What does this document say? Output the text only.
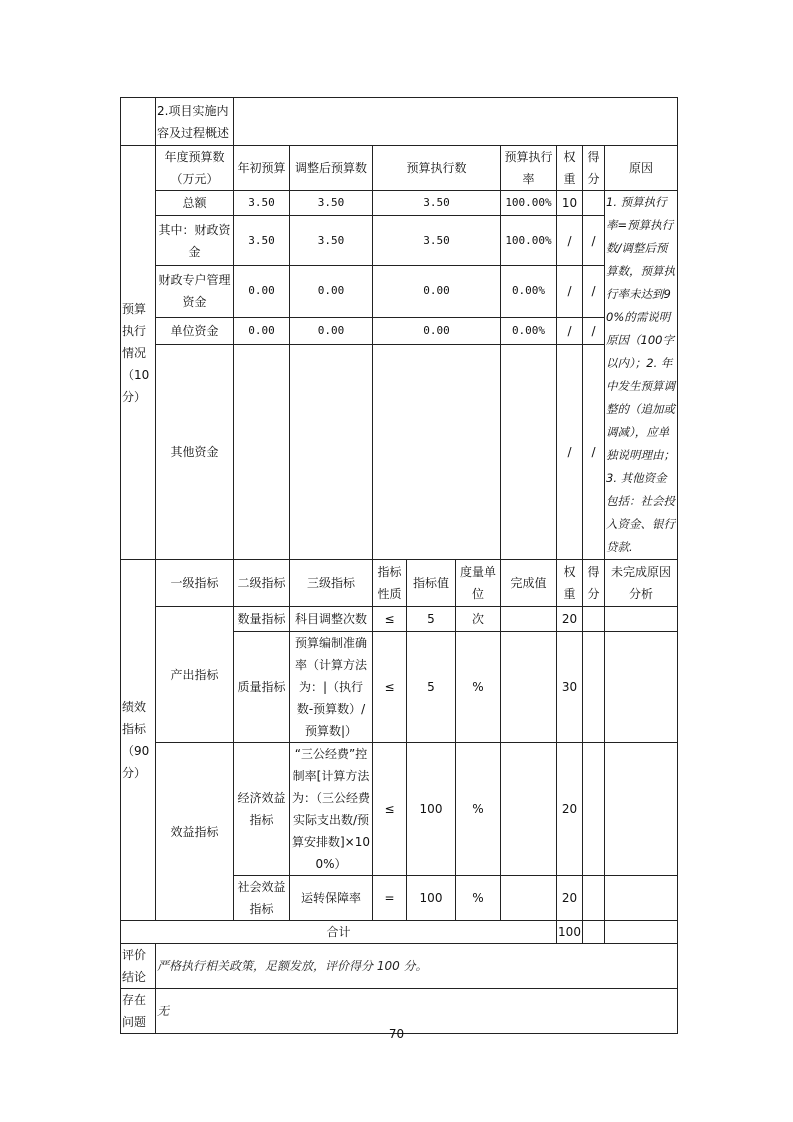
	2.项目实施内容及过程概述									
预算执行情况（10分）	年度预算数（万元）	年初预算	调整后预算数	预算执行数			预算执行率	权重	得分	原因
	总额	3.50	3.50	3.50			100.00%	10		1. 预算执行率=预算执行数/调整后预算数，预算执行率未达到90%的需说明原因（100字以内）；2. 年中发生预算调整的（追加或调减），应单独说明理由；3. 其他资金包括：社会投入资金、银行贷款.
	其中：财政资金	3.50	3.50	3.50			100.00%	/	/	
	财政专户管理资金	0.00	0.00	0.00			0.00%	/	/	
	单位资金	0.00	0.00	0.00			0.00%	/	/	
	其他资金							/	/	
绩效指标（90分）	一级指标	二级指标	三级指标	指标性质	指标值	度量单位	完成值	权重	得分	未完成原因分析
	产出指标	数量指标	科目调整次数	≤	5	次		20		
		质量指标	预算编制准确率（计算方法为：|（执行数-预算数）/预算数|）	≤	5	%		30		
	效益指标	经济效益指标	“三公经费”控制率[计算方法为：（三公经费实际支出数/预算安排数]×100%）	≤	100	%		20		
		社会效益指标	运转保障率	=	100	%		20		
合计								100		
评价结论	严格执行相关政策，足额发放，评价得分 100 分。									
存在问题	无									
70
